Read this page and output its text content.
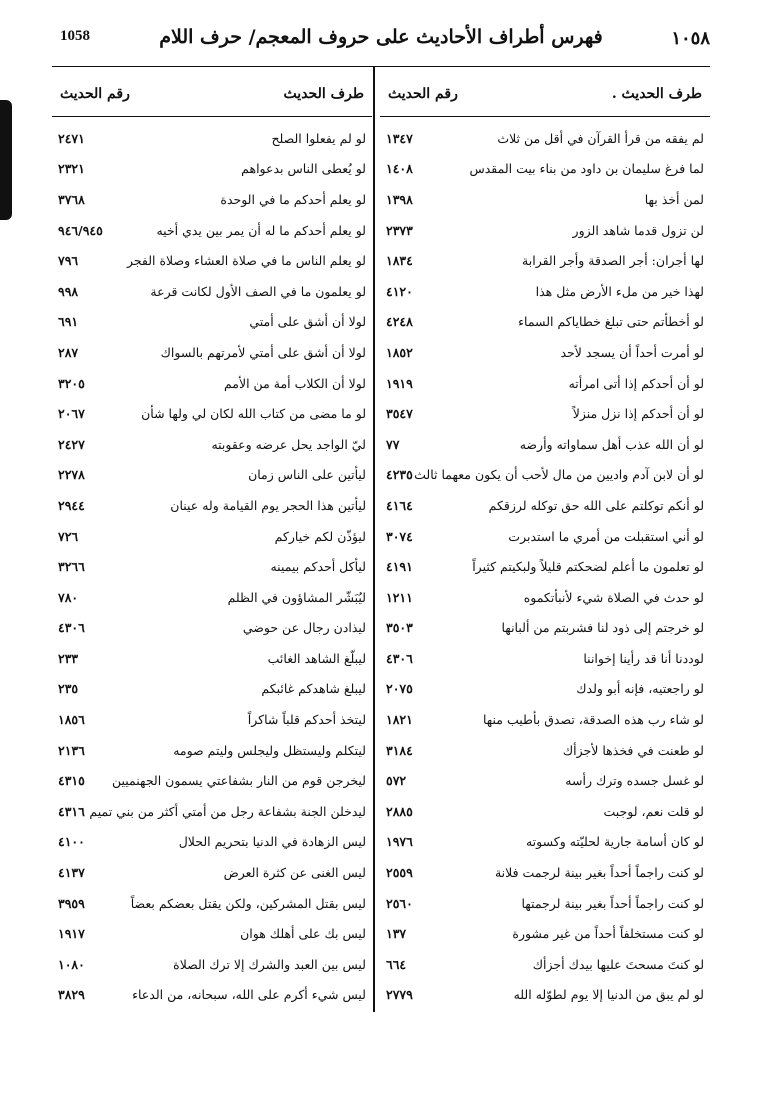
1058	فهرس أطراف الأحاديث على حروف المعجم/ حرف اللام	١٠٥٨
طرف الحديث .
رقم الحديث
لم يفقه من قرأ القرآن في أقل من ثلاث
١٣٤٧
لما فرغ سليمان بن داود من بناء بيت المقدس
١٤٠٨
لمن أخذ بها
١٣٩٨
لن تزول قدما شاهد الزور
٢٣٧٣
لها أجران: أجر الصدقة وأجر القرابة
١٨٣٤
لهذا خير من ملء الأرض مثل هذا
٤١٢٠
لو أخطأتم حتى تبلغ خطاياكم السماء
٤٢٤٨
لو أمرت أحداً أن يسجد لأحد
١٨٥٢
لو أن أحدكم إذا أتى امرأته
١٩١٩
لو أن أحدكم إذا نزل منزلاً
٣٥٤٧
لو أن الله عذب أهل سماواته وأرضه
٧٧
لو أن لابن آدم واديين من مال لأحب أن يكون معهما ثالث
٤٢٣٥
لو أنكم توكلتم على الله حق توكله لرزقكم
٤١٦٤
لو أني استقبلت من أمري ما استدبرت
٣٠٧٤
لو تعلمون ما أعلم لضحكتم قليلاً ولبكيتم كثيراً
٤١٩١
لو حدث في الصلاة شيء لأنبأتكموه
١٢١١
لو خرجتم إلى ذود لنا فشربتم من ألبانها
٣٥٠٣
لوددنا أنا قد رأينا إخواننا
٤٣٠٦
لو راجعتيه، فإنه أبو ولدك
٢٠٧٥
لو شاء رب هذه الصدقة، تصدق بأطيب منها
١٨٢١
لو طعنت في فخذها لأجزأك
٣١٨٤
لو غسل جسده وترك رأسه
٥٧٢
لو قلت نعم، لوجبت
٢٨٨٥
لو كان أسامة جارية لحليّته وكسوته
١٩٧٦
لو كنت راجماً أحداً بغير بينة لرجمت فلانة
٢٥٥٩
لو كنت راجماً أحداً بغير بينة لرجمتها
٢٥٦٠
لو كنت مستخلفاً أحداً من غير مشورة
١٣٧
لو كنتَ مسحتَ عليها بيدك أجزأك
٦٦٤
لو لم يبق من الدنيا إلا يوم لطوّله الله
٢٧٧٩
طرف الحديث
رقم الحديث
لو لم يفعلوا الصلح
٢٤٧١
لو يُعطى الناس بدعواهم
٢٣٢١
لو يعلم أحدكم ما في الوحدة
٣٧٦٨
لو يعلم أحدكم ما له أن يمر بين يدي أخيه
٩٤٦/٩٤٥
لو يعلم الناس ما في صلاة العشاء وصلاة الفجر
٧٩٦
لو يعلمون ما في الصف الأول لكانت قرعة
٩٩٨
لولا أن أشق على أمتي
٦٩١
لولا أن أشق على أمتي لأمرتهم بالسواك
٢٨٧
لولا أن الكلاب أمة من الأمم
٣٢٠٥
لو ما مضى من كتاب الله لكان لي ولها شأن
٢٠٦٧
ليّ الواجد يحل عرضه وعقوبته
٢٤٢٧
ليأتين على الناس زمان
٢٢٧٨
ليأتين هذا الحجر يوم القيامة وله عينان
٢٩٤٤
ليؤذّن لكم خياركم
٧٢٦
ليأكل أحدكم بيمينه
٣٢٦٦
ليُبَشّر المشاؤون في الظلم
٧٨٠
ليذادن رجال عن حوضي
٤٣٠٦
ليبلّغ الشاهد الغائب
٢٣٣
ليبلغ شاهدكم غائبكم
٢٣٥
ليتخذ أحدكم قلباً شاكراً
١٨٥٦
ليتكلم وليستظل وليجلس وليتم صومه
٢١٣٦
ليخرجن قوم من النار بشفاعتي يسمون الجهنميين
٤٣١٥
ليدخلن الجنة بشفاعة رجل من أمتي أكثر من بني تميم
٤٣١٦
ليس الزهادة في الدنيا بتحريم الحلال
٤١٠٠
ليس الغنى عن كثرة العرض
٤١٣٧
ليس بقتل المشركين، ولكن يقتل بعضكم بعضاً
٣٩٥٩
ليس بك على أهلك هوان
١٩١٧
ليس بين العبد والشرك إلا ترك الصلاة
١٠٨٠
ليس شيء أكرم على الله، سبحانه، من الدعاء
٣٨٢٩
